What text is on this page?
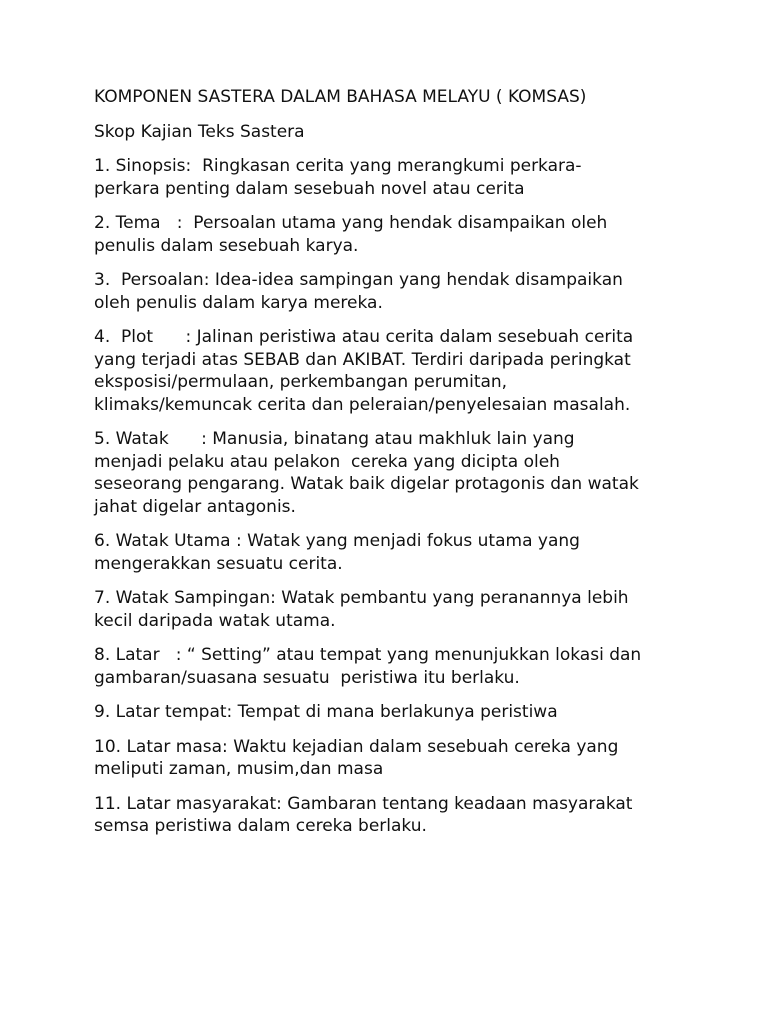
KOMPONEN SASTERA DALAM BAHASA MELAYU ( KOMSAS)
Skop Kajian Teks Sastera
1. Sinopsis:  Ringkasan cerita yang merangkumi perkara-
perkara penting dalam sesebuah novel atau cerita
2. Tema   :  Persoalan utama yang hendak disampaikan oleh
penulis dalam sesebuah karya.
3.  Persoalan: Idea-idea sampingan yang hendak disampaikan
oleh penulis dalam karya mereka.
4.  Plot      : Jalinan peristiwa atau cerita dalam sesebuah cerita
yang terjadi atas SEBAB dan AKIBAT. Terdiri daripada peringkat
eksposisi/permulaan, perkembangan perumitan,
klimaks/kemuncak cerita dan peleraian/penyelesaian masalah.
5. Watak      : Manusia, binatang atau makhluk lain yang
menjadi pelaku atau pelakon  cereka yang dicipta oleh
seseorang pengarang. Watak baik digelar protagonis dan watak
jahat digelar antagonis.
6. Watak Utama : Watak yang menjadi fokus utama yang
mengerakkan sesuatu cerita.
7. Watak Sampingan: Watak pembantu yang peranannya lebih
kecil daripada watak utama.
8. Latar   : “ Setting” atau tempat yang menunjukkan lokasi dan
gambaran/suasana sesuatu  peristiwa itu berlaku.
9. Latar tempat: Tempat di mana berlakunya peristiwa
10. Latar masa: Waktu kejadian dalam sesebuah cereka yang
meliputi zaman, musim,dan masa
11. Latar masyarakat: Gambaran tentang keadaan masyarakat
semsa peristiwa dalam cereka berlaku.
